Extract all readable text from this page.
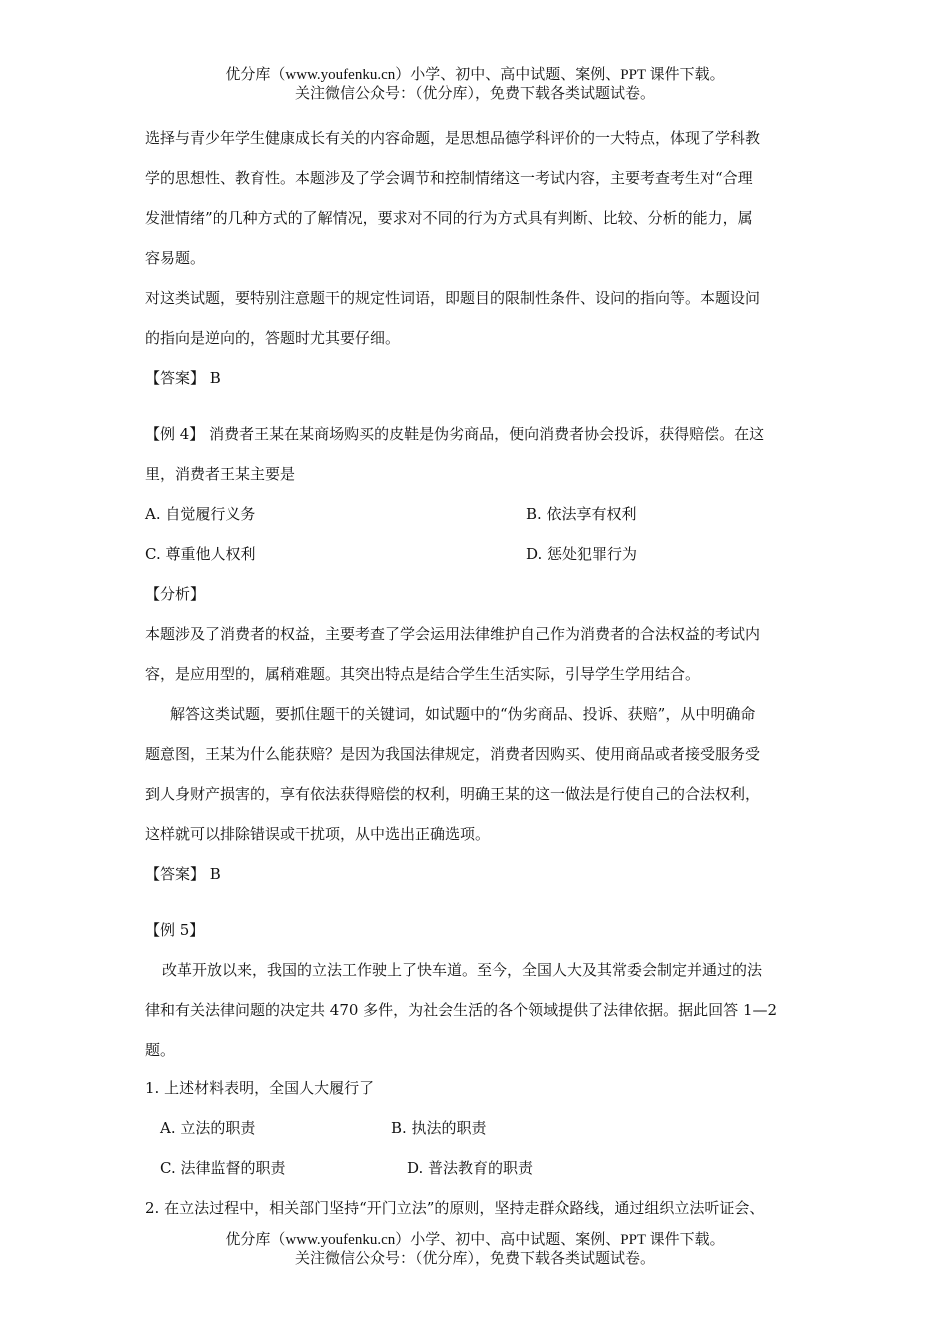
优分库（www.youfenku.cn）小学、初中、高中试题、案例、PPT 课件下载。
关注微信公众号：（优分库），免费下载各类试题试卷。
选择与青少年学生健康成长有关的内容命题，是思想品德学科评价的一大特点，体现了学科教
学的思想性、教育性。本题涉及了学会调节和控制情绪这一考试内容，主要考查考生对“合理
发泄情绪”的几种方式的了解情况，要求对不同的行为方式具有判断、比较、分析的能力，属
容易题。
对这类试题，要特别注意题干的规定性词语，即题目的限制性条件、设问的指向等。本题设问
的指向是逆向的，答题时尤其要仔细。
【答案】 B
【例 4】 消费者王某在某商场购买的皮鞋是伪劣商品，便向消费者协会投诉，获得赔偿。在这
里，消费者王某主要是
A. 自觉履行义务	B. 依法享有权利
C. 尊重他人权利	D. 惩处犯罪行为
【分析】
本题涉及了消费者的权益，主要考查了学会运用法律维护自己作为消费者的合法权益的考试内
容，是应用型的，属稍难题。其突出特点是结合学生生活实际，引导学生学用结合。
解答这类试题，要抓住题干的关键词，如试题中的“伪劣商品、投诉、获赔”，从中明确命
题意图，王某为什么能获赔？是因为我国法律规定，消费者因购买、使用商品或者接受服务受
到人身财产损害的，享有依法获得赔偿的权利，明确王某的这一做法是行使自己的合法权利，
这样就可以排除错误或干扰项，从中选出正确选项。
【答案】 B
【例 5】
改革开放以来，我国的立法工作驶上了快车道。至今，全国人大及其常委会制定并通过的法
律和有关法律问题的决定共 470 多件，为社会生活的各个领域提供了法律依据。据此回答 1—2
题。
1. 上述材料表明，全国人大履行了
A. 立法的职责	B. 执法的职责
C. 法律监督的职责	D. 普法教育的职责
2. 在立法过程中，相关部门坚持“开门立法”的原则，坚持走群众路线，通过组织立法听证会、
优分库（www.youfenku.cn）小学、初中、高中试题、案例、PPT 课件下载。
关注微信公众号：（优分库），免费下载各类试题试卷。
